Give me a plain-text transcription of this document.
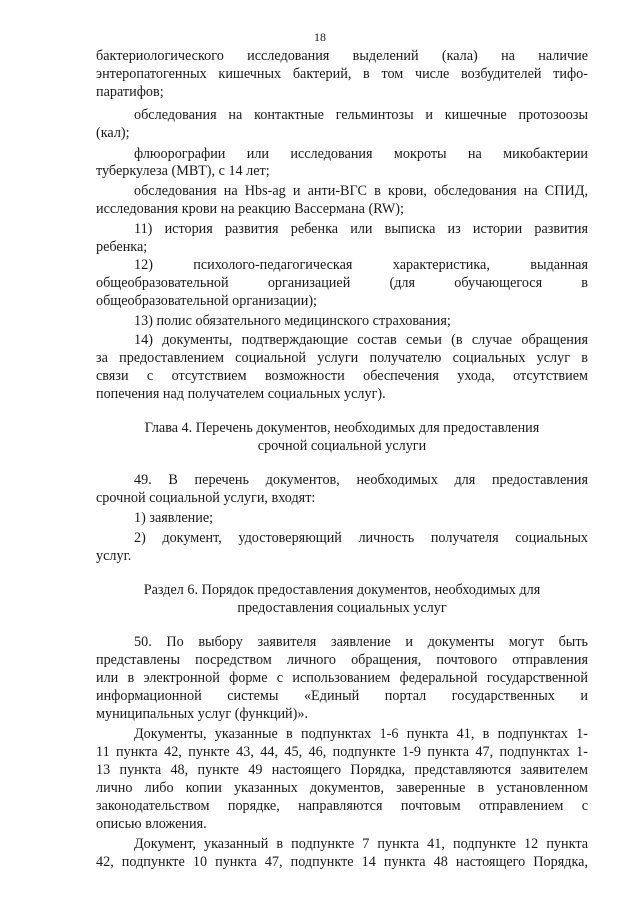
18
бактериологического исследования выделений (кала) на наличие
энтеропатогенных кишечных бактерий, в том числе возбудителей тифо-
паратифов;
обследования на контактные гельминтозы и кишечные протозоозы
(кал);
флюорографии или исследования мокроты на микобактерии
туберкулеза (МВТ), с 14 лет;
обследования на Hbs-ag и анти-ВГС в крови, обследования на СПИД,
исследования крови на реакцию Вассермана (RW);
11) история развития ребенка или выписка из истории развития
ребенка;
12) психолого-педагогическая характеристика, выданная
общеобразовательной организацией (для обучающегося в
общеобразовательной организации);
13) полис обязательного медицинского страхования;
14) документы, подтверждающие состав семьи (в случае обращения
за предоставлением социальной услуги получателю социальных услуг в
связи с отсутствием возможности обеспечения ухода, отсутствием
попечения над получателем социальных услуг).
Глава 4. Перечень документов, необходимых для предоставления
срочной социальной услуги
49. В перечень документов, необходимых для предоставления
срочной социальной услуги, входят:
1) заявление;
2) документ, удостоверяющий личность получателя социальных
услуг.
Раздел 6. Порядок предоставления документов, необходимых для
предоставления социальных услуг
50. По выбору заявителя заявление и документы могут быть
представлены посредством личного обращения, почтового отправления
или в электронной форме с использованием федеральной государственной
информационной системы «Единый портал государственных и
муниципальных услуг (функций)».
Документы, указанные в подпунктах 1-6 пункта 41, в подпунктах 1-
11 пункта 42, пункте 43, 44, 45, 46, подпункте 1-9 пункта 47, подпунктах 1-
13 пункта 48, пункте 49 настоящего Порядка, представляются заявителем
лично либо копии указанных документов, заверенные в установленном
законодательством порядке, направляются почтовым отправлением с
описью вложения.
Документ, указанный в подпункте 7 пункта 41, подпункте 12 пункта
42, подпункте 10 пункта 47, подпункте 14 пункта 48 настоящего Порядка,
